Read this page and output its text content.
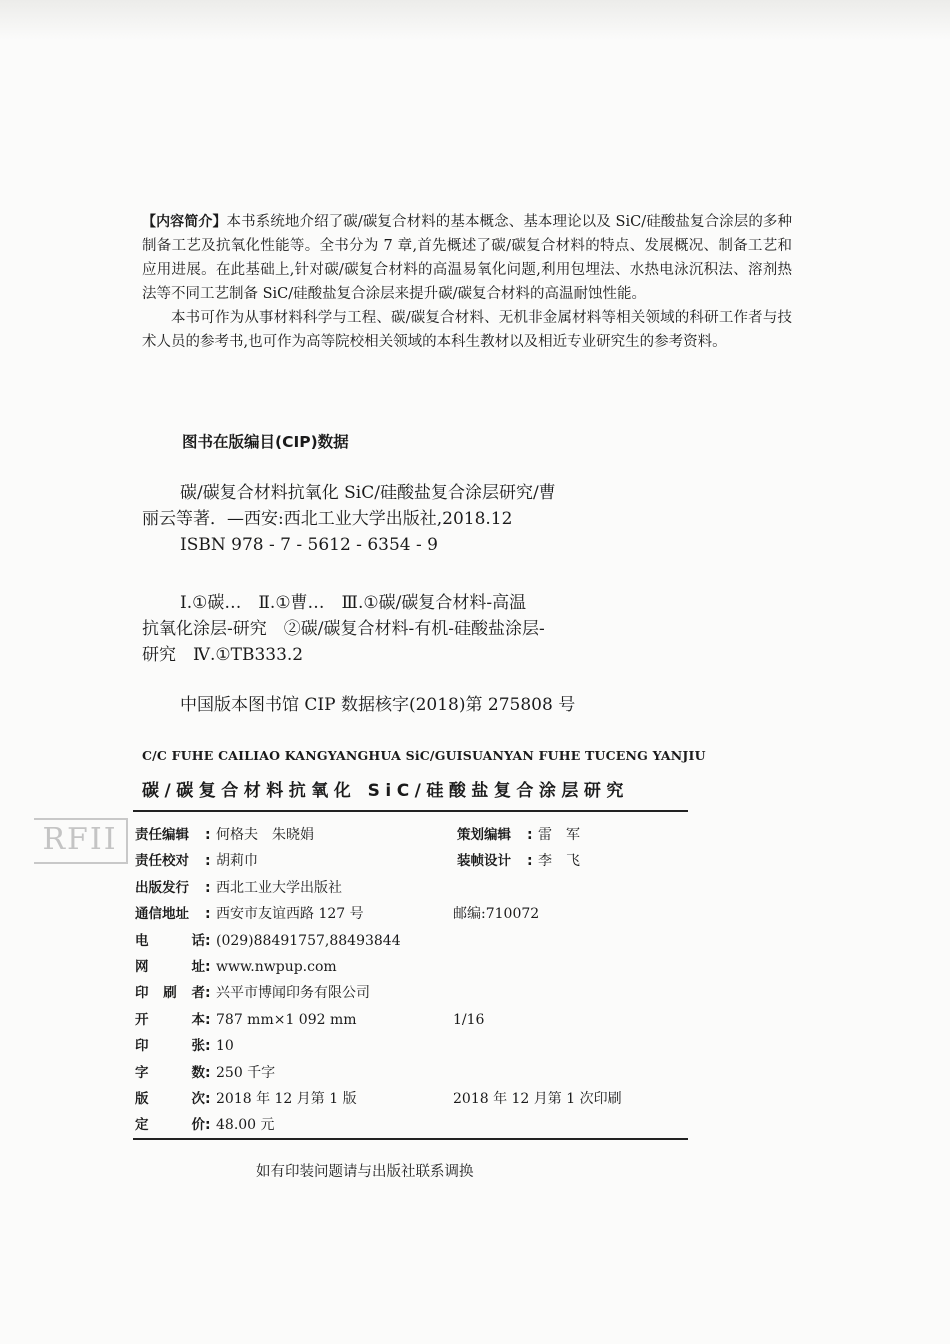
【内容简介】本书系统地介绍了碳/碳复合材料的基本概念、基本理论以及 SiC/硅酸盐复合涂层的多种制备工艺及抗氧化性能等。全书分为 7 章,首先概述了碳/碳复合材料的特点、发展概况、制备工艺和应用进展。在此基础上,针对碳/碳复合材料的高温易氧化问题,利用包埋法、水热电泳沉积法、溶剂热法等不同工艺制备 SiC/硅酸盐复合涂层来提升碳/碳复合材料的高温耐蚀性能。

本书可作为从事材料科学与工程、碳/碳复合材料、无机非金属材料等相关领域的科研工作者与技术人员的参考书,也可作为高等院校相关领域的本科生教材以及相近专业研究生的参考资料。

图书在版编目(CIP)数据
碳/碳复合材料抗氧化 SiC/硅酸盐复合涂层研究/曹
丽云等著．—西安:西北工业大学出版社,2018.12
ISBN 978 - 7 - 5612 - 6354 - 9
Ⅰ.①碳…　Ⅱ.①曹…　Ⅲ.①碳/碳复合材料-高温
抗氧化涂层-研究　②碳/碳复合材料-有机-硅酸盐涂层-
研究　Ⅳ.①TB333.2
中国版本图书馆 CIP 数据核字(2018)第 275808 号
C/C FUHE CAILIAO KANGYANGHUA SiC/GUISUANYAN FUHE TUCENG YANJIU
碳/碳复合材料抗氧化 SiC/硅酸盐复合涂层研究
RFII	责任编辑	: 何格夫　朱晓娟	策划编辑	: 雷　军
责任校对	: 胡莉巾	装帧设计	: 李　飞
出版发行	: 西北工业大学出版社
通信地址	: 西安市友谊西路 127 号	邮编:710072
电	话 : (029)88491757,88493844
网	址 : www.nwpup.com
印 刷 者 : 兴平市博闻印务有限公司
开	本 : 787 mm×1 092 mm	1/16
印	张 : 10
字	数 : 250 千字
版	次 : 2018 年 12 月第 1 版	2018 年 12 月第 1 次印刷
定	价 : 48.00 元
如有印装问题请与出版社联系调换
